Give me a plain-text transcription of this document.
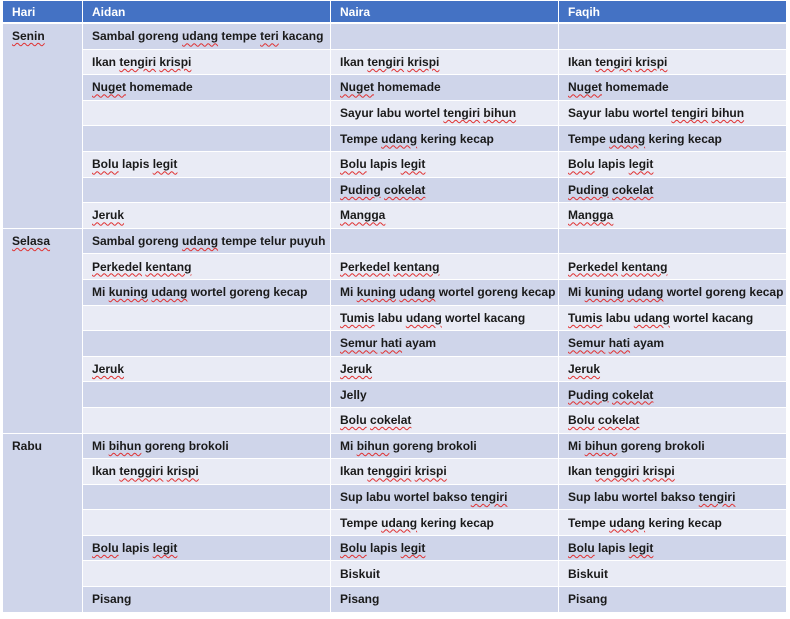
Hari	Aidan	Naira	Faqih
Senin	Sambal goreng udang tempe teri kacang		
	Ikan tengiri krispi	Ikan tengiri krispi	Ikan tengiri krispi
	Nuget homemade	Nuget homemade	Nuget homemade
		Sayur labu wortel tengiri bihun	Sayur labu wortel tengiri bihun
		Tempe udang kering kecap	Tempe udang kering kecap
	Bolu lapis legit	Bolu lapis legit	Bolu lapis legit
		Puding cokelat	Puding cokelat
	Jeruk	Mangga	Mangga
Selasa	Sambal goreng udang tempe telur puyuh		
	Perkedel kentang	Perkedel kentang	Perkedel kentang
	Mi kuning udang wortel goreng kecap	Mi kuning udang wortel goreng kecap	Mi kuning udang wortel goreng kecap
		Tumis labu udang wortel kacang	Tumis labu udang wortel kacang
		Semur hati ayam	Semur hati ayam
	Jeruk	Jeruk	Jeruk
		Jelly	Puding cokelat
		Bolu cokelat	Bolu cokelat
Rabu	Mi bihun goreng brokoli	Mi bihun goreng brokoli	Mi bihun goreng brokoli
	Ikan tenggiri krispi	Ikan tenggiri krispi	Ikan tenggiri krispi
		Sup labu wortel bakso tengiri	Sup labu wortel bakso tengiri
		Tempe udang kering kecap	Tempe udang kering kecap
	Bolu lapis legit	Bolu lapis legit	Bolu lapis legit
		Biskuit	Biskuit
	Pisang	Pisang	Pisang
